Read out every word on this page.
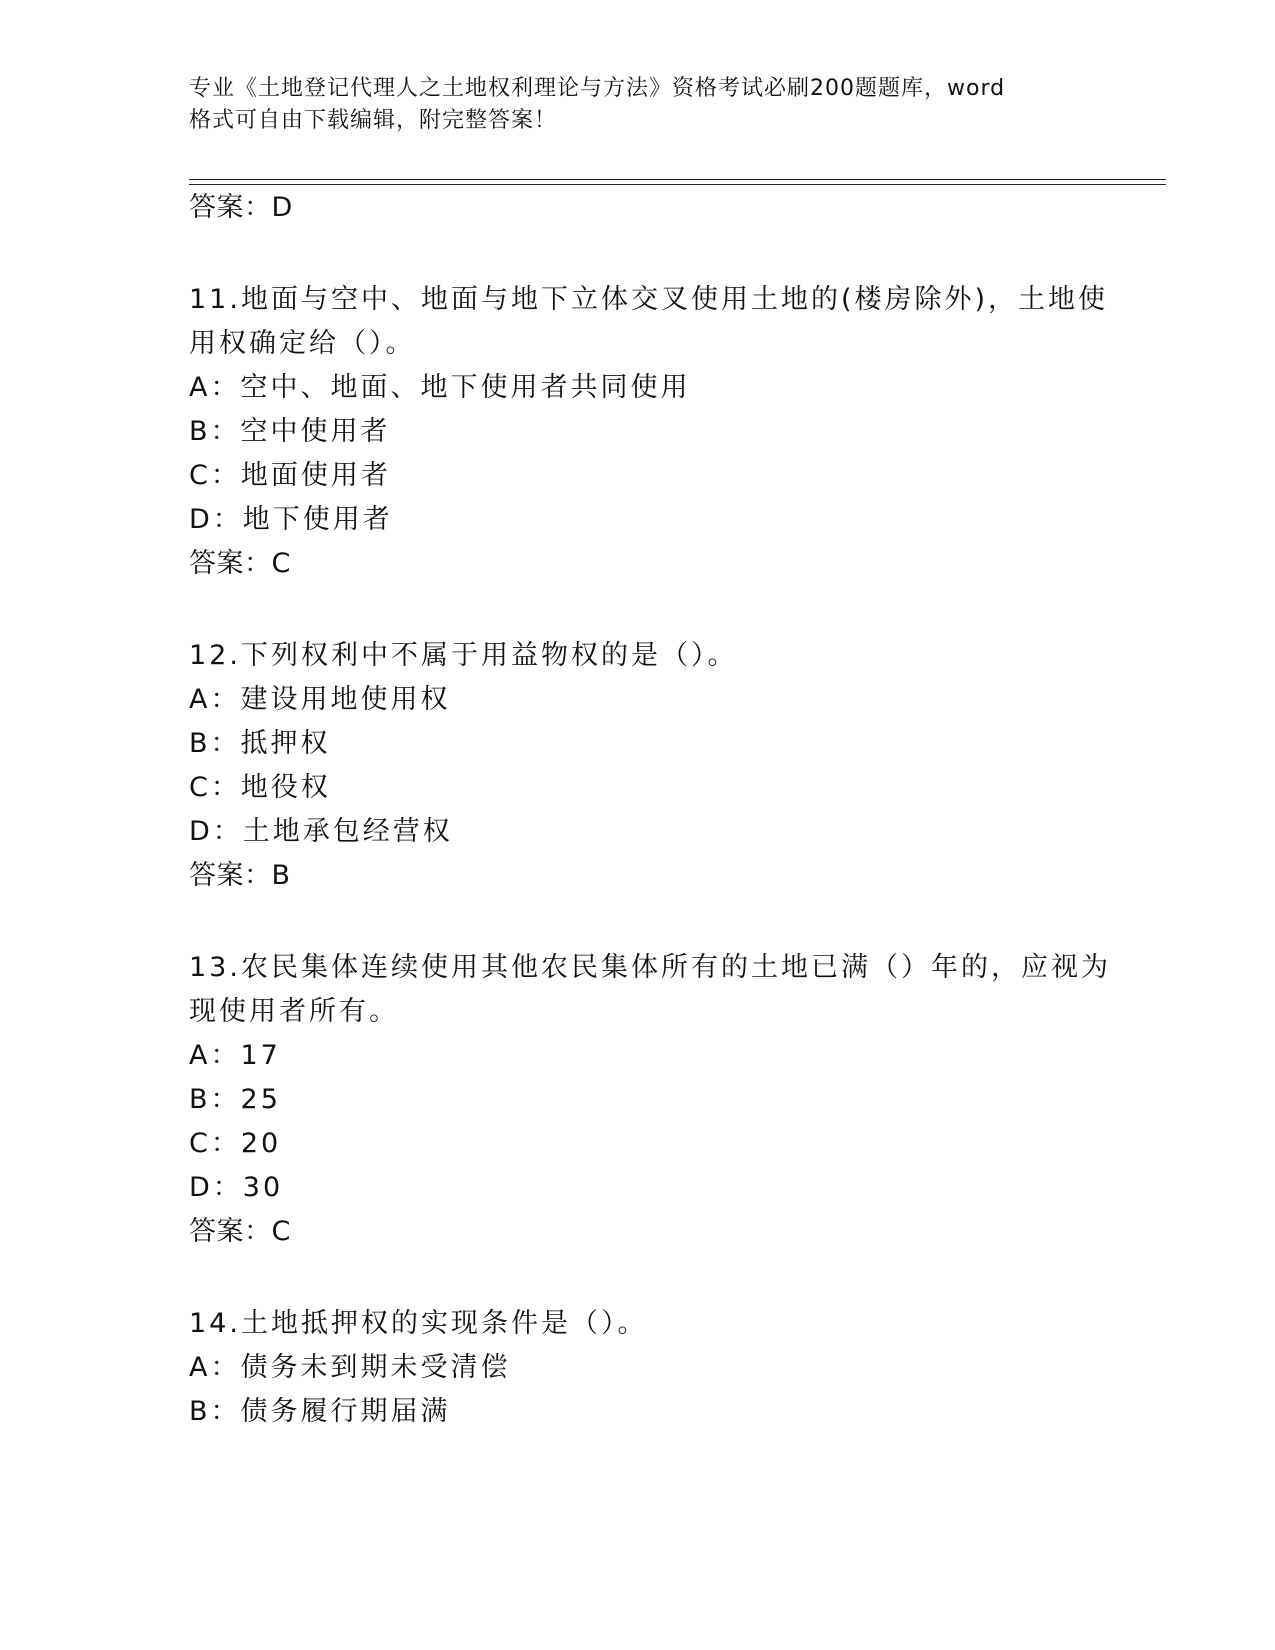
专业《土地登记代理人之土地权利理论与方法》资格考试必刷200题题库，word
格式可自由下载编辑，附完整答案！
答案：D
11.地面与空中、地面与地下立体交叉使用土地的(楼房除外)，土地使
用权确定给（）。
A：空中、地面、地下使用者共同使用
B：空中使用者
C：地面使用者
D：地下使用者
答案：C
12.下列权利中不属于用益物权的是（）。
A：建设用地使用权
B：抵押权
C：地役权
D：土地承包经营权
答案：B
13.农民集体连续使用其他农民集体所有的土地已满（）年的，应视为
现使用者所有。
A：17
B：25
C：20
D：30
答案：C
14.土地抵押权的实现条件是（）。
A：债务未到期未受清偿
B：债务履行期届满
